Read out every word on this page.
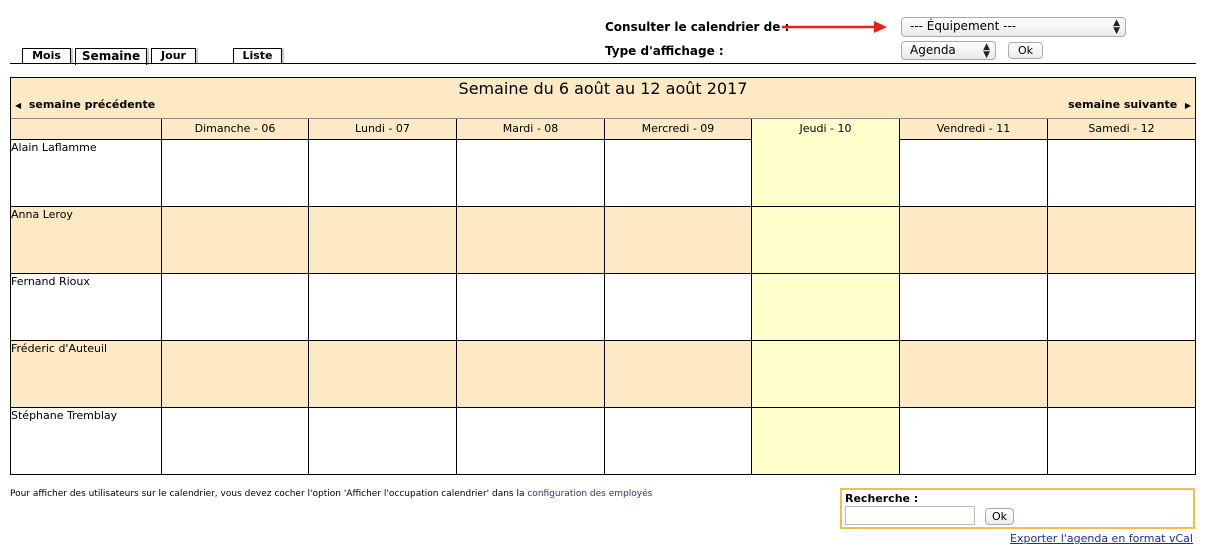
Consulter le calendrier de :	--- Équipement ---	▲
▼
Type d'affichage :	Agenda	▲
▼	Ok
Mois	Semaine	Jour	Liste
Semaine du 6 août au 12 août 2017
◀ semaine précédente	semaine suivante ▶
Dimanche - 06	Lundi - 07	Mardi - 08	Mercredi - 09	Jeudi - 10	Vendredi - 11	Samedi - 12
Alain Laflamme
Anna Leroy
Fernand Rioux
Fréderic d'Auteuil
Stéphane Tremblay
Pour afficher des utilisateurs sur le calendrier, vous devez cocher l'option 'Afficher l'occupation calendrier' dans la configuration des employés	Recherche :
Ok
Exporter l'agenda en format vCal
